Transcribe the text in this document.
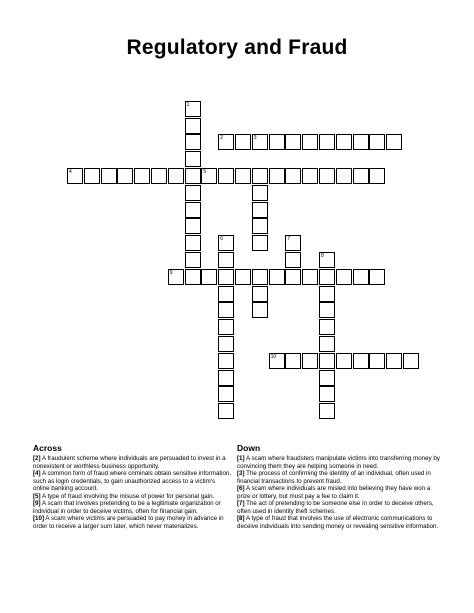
Regulatory and Fraud
1
2	3
4	5
6	7
8
9
10
Across

[2] A fraudulent scheme where individuals are persuaded to invest in a nonexistent or worthless business opportunity.

[4] A common form of fraud where criminals obtain sensitive information, such as login credentials, to gain unauthorized access to a victim's online banking account.

[5] A type of fraud involving the misuse of power for personal gain.

[9] A scam that involves pretending to be a legitimate organization or individual in order to deceive victims, often for financial gain.

[10] A scam where victims are persuaded to pay money in advance in order to receive a larger sum later, which never materializes.

Down

[1] A scam where fraudsters manipulate victims into transferring money by convincing them they are helping someone in need.

[3] The process of confirming the identity of an individual, often used in financial transactions to prevent fraud.

[6] A scam where individuals are misled into believing they have won a prize or lottery, but must pay a fee to claim it.

[7] The act of pretending to be someone else in order to deceive others, often used in identity theft schemes.

[8] A type of fraud that involves the use of electronic communications to deceive individuals into sending money or revealing sensitive information.
